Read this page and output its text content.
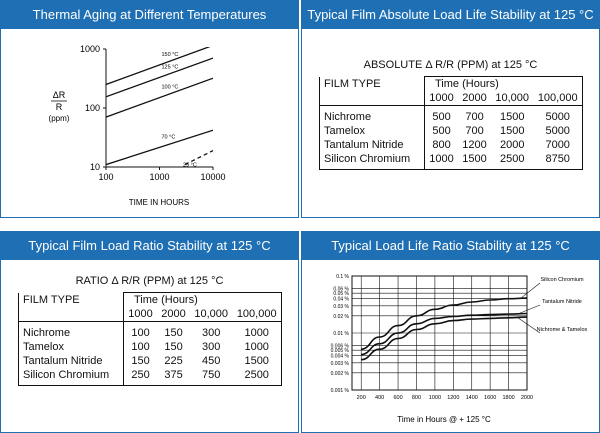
Thermal Aging at Different Temperatures
ΔR
R
(ppm)
TIME IN HOURS
10
100
1000
100	1000	10000
150 °C
125 °C
100 °C
70 °C
25 °C
Typical Film Absolute Load Life Stability at 125 °C
ABSOLUTE Δ R/R (PPM) at 125 °C
FILM TYPE	Time (Hours)			
	1000	2000	10,000	100,000
Nichrome	500	700	1500	5000
Tamelox	500	700	1500	5000
Tantalum Nitride	800	1200	2000	7000
Silicon Chromium	1000	1500	2500	8750
Typical Film Load Ratio Stability at 125 °C
RATIO Δ R/R (PPM) at 125 °C
FILM TYPE	Time (Hours)			
	1000	2000	10,000	100,000
Nichrome	100	150	300	1000
Tamelox	100	150	300	1000
Tantalum Nitride	150	225	450	1500
Silicon Chromium	250	375	750	2500
Typical Load Life Ratio Stability at 125 °C
Time in Hours @ + 125 °C
0.001 %
0.002 %
0.003 %
0.004 %
0.005 %
0.006 %
0.01 %
0.02 %
0.03 %
0.04 %
0.05 %
0.06 %
0.1 %
200 400 600 800 1000 1200 1400 1600 1800 2000
Silicon Chromium
Tantalum Nitride
Nichrome & Tamelox
